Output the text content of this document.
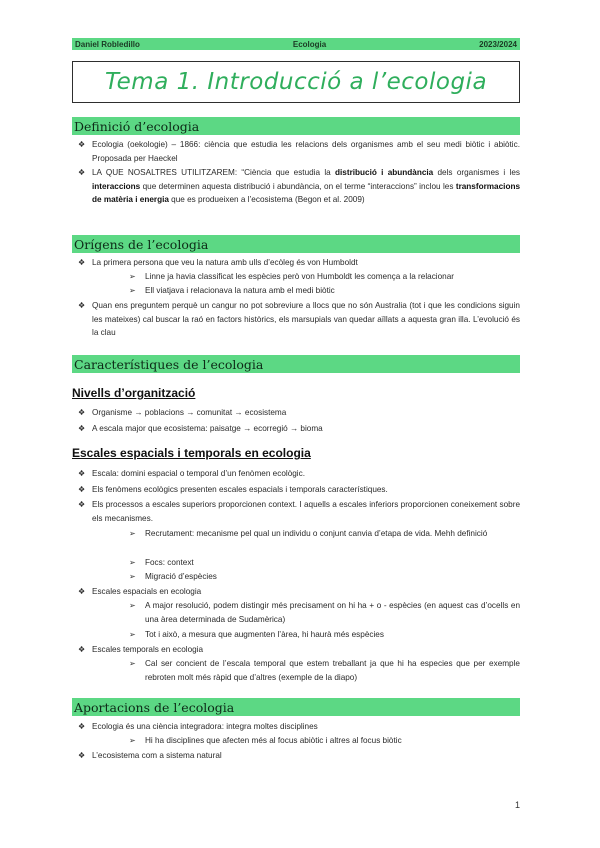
Daniel Robledillo	Ecologia	2023/2024
Tema 1. Introducció a l’ecologia
Definició d’ecologia
❖ Ecologia (oekologie) – 1866: ciència que estudia les relacions dels organismes amb el seu medi biòtic i abiòtic. Proposada per Haeckel
❖ LA QUE NOSALTRES UTILITZAREM: “Ciència que estudia la distribució i abundància dels organismes i les interaccions que determinen aquesta distribució i abundància, on el terme “interaccions” inclou les transformacions de matèria i energia que es produeixen a l’ecosistema (Begon et al. 2009)
Orígens de l’ecologia
❖ La primera persona que veu la natura amb ulls d’ecòleg és von Humboldt
➢ Linne ja havia classificat les espècies però von Humboldt les comença a la relacionar
➢ Ell viatjava i relacionava la natura amb el medi biòtic
❖ Quan ens preguntem perquè un cangur no pot sobreviure a llocs que no són Australia (tot i que les condicions siguin les mateixes) cal buscar la raó en factors històrics, els marsupials van quedar aïllats a aquesta gran illa. L’evolució és la clau
Característiques de l’ecologia
Nivells d’organització
❖ Organisme → poblacions → comunitat → ecosistema
❖ A escala major que ecosistema: paisatge → ecorregió → bioma
Escales espacials i temporals en ecologia
❖ Escala: domini espacial o temporal d’un fenòmen ecològic.
❖ Els fenòmens ecològics presenten escales espacials i temporals característiques.
❖ Els processos a escales superiors proporcionen context. I aquells a escales inferiors proporcionen coneixement sobre els mecanismes.
➢ Recrutament: mecanisme pel qual un individu o conjunt canvia d’etapa de vida. Mehh definició
➢ Focs: context
➢ Migració d’espècies
❖ Escales espacials en ecologia
➢ A major resolució, podem distingir més precisament on hi ha + o - espècies (en aquest cas d’ocells en una àrea determinada de Sudamèrica)
➢ Tot i això, a mesura que augmenten l’àrea, hi haurà més espècies
❖ Escales temporals en ecologia
➢ Cal ser concient de l’escala temporal que estem treballant ja que hi ha especies que per exemple rebroten molt més ràpid que d’altres (exemple de la diapo)
Aportacions de l’ecologia
❖ Ecologia és una ciència integradora: integra moltes disciplines
➢ Hi ha disciplines que afecten més al focus abiòtic i altres al focus biòtic
❖ L’ecosistema com a sistema natural
1
